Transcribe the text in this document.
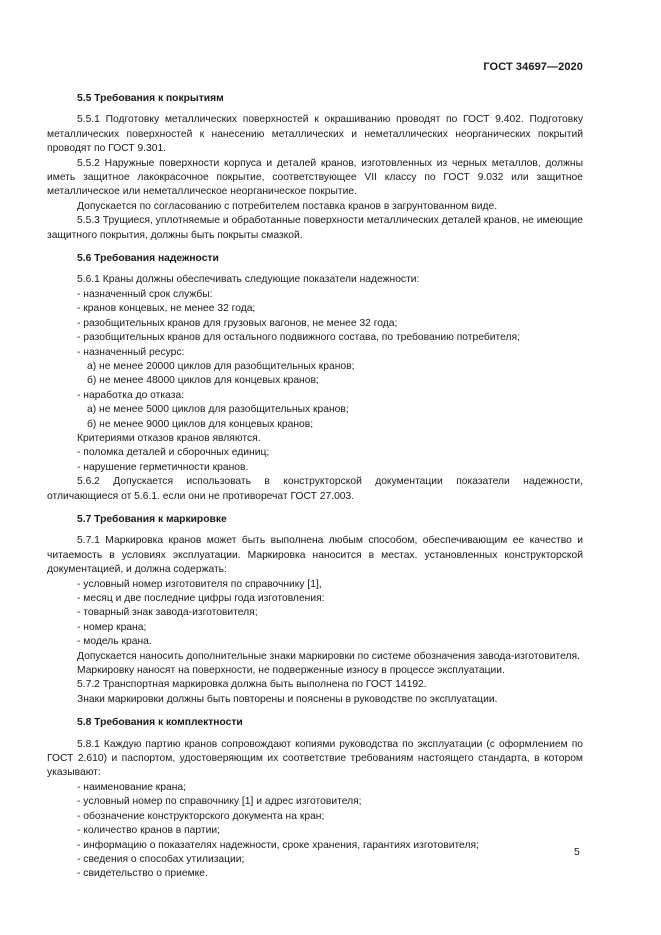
ГОСТ 34697—2020
5.5 Требования к покрытиям

5.5.1 Подготовку металлических поверхностей к окрашиванию проводят по ГОСТ 9.402. Подготовку металлических поверхностей к нанесению металлических и неметаллических неорганических покрытий проводят по ГОСТ 9.301.

5.5.2 Наружные поверхности корпуса и деталей кранов, изготовленных из черных металлов, должны иметь защитное лакокрасочное покрытие, соответствующее VII классу по ГОСТ 9.032 или защитное металлическое или неметаллическое неорганическое покрытие.

Допускается по согласованию с потребителем поставка кранов в загрунтованном виде.

5.5.3 Трущиеся, уплотняемые и обработанные поверхности металлических деталей кранов, не имеющие защитного покрытия, должны быть покрыты смазкой.

5.6 Требования надежности

5.6.1 Краны должны обеспечивать следующие показатели надежности:

- назначенный срок службы:

- кранов концевых, не менее 32 года;

- разобщительных кранов для грузовых вагонов, не менее 32 года;

- разобщительных кранов для остального подвижного состава, по требованию потребителя;

- назначенный ресурс:

а) не менее 20000 циклов для разобщительных кранов;

б) не менее 48000 циклов для концевых кранов;

- наработка до отказа:

а) не менее 5000 циклов для разобщительных кранов;

б) не менее 9000 циклов для концевых кранов;

Критериями отказов кранов являются.

- поломка деталей и сборочных единиц;

- нарушение герметичности кранов.

5.6.2 Допускается использовать в конструкторской документации показатели надежности, отличающиеся от 5.6.1. если они не противоречат ГОСТ 27.003.

5.7 Требования к маркировке

5.7.1 Маркировка кранов может быть выполнена любым способом, обеспечивающим ее качество и читаемость в условиях эксплуатации. Маркировка наносится в местах. установленных конструкторской документацией, и должна содержать:

- условный номер изготовителя по справочнику [1],

- месяц и две последние цифры года изготовления:

- товарный знак завода-изготовителя;

- номер крана;

- модель крана.

Допускается наносить дополнительные знаки маркировки по системе обозначения завода-изготовителя.

Маркировку наносят на поверхности, не подверженные износу в процессе эксплуатации.

5.7.2 Транспортная маркировка должна быть выполнена по ГОСТ 14192.

Знаки маркировки должны быть повторены и пояснены в руководстве по эксплуатации.

5.8 Требования к комплектности

5.8.1 Каждую партию кранов сопровождают копиями руководства по эксплуатации (с оформлением по ГОСТ 2.610) и паспортом, удостоверяющим их соответствие требованиям настоящего стандарта, в котором указывают:

- наименование крана;

- условный номер по справочнику [1] и адрес изготовителя;

- обозначение конструкторского документа на кран;

- количество кранов в партии;

- информацию о показателях надежности, сроке хранения, гарантиях изготовителя;

- сведения о способах утилизации;

- свидетельство о приемке.

5
